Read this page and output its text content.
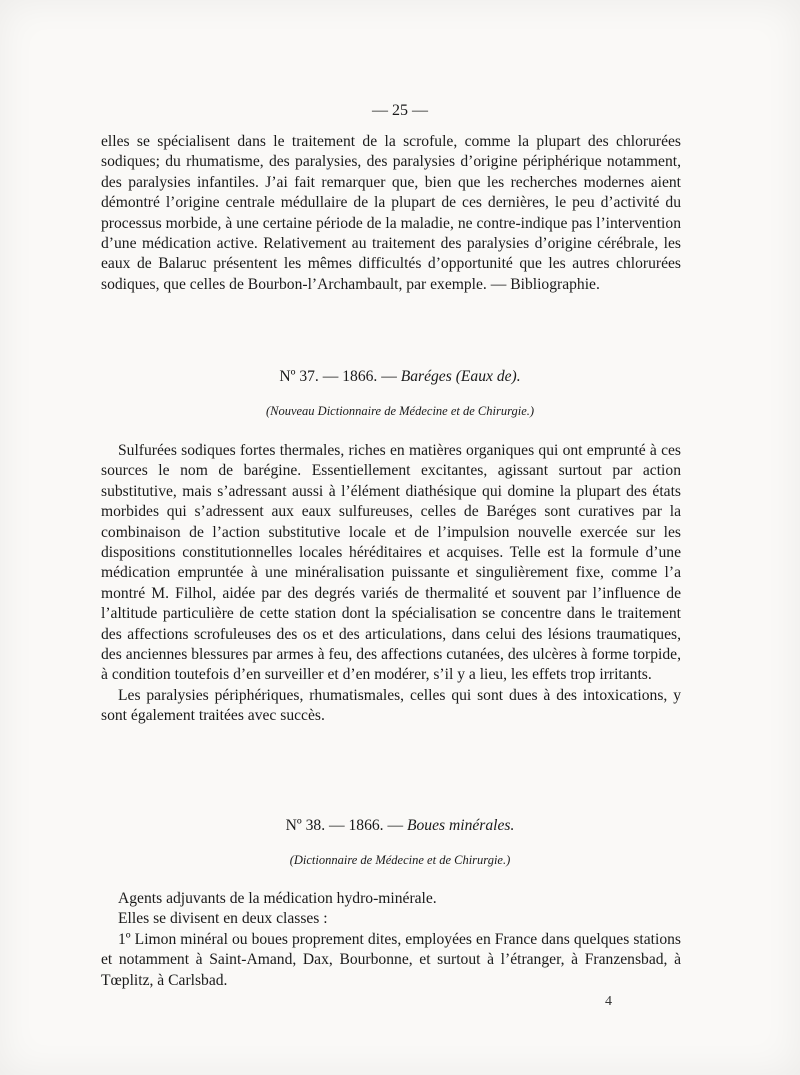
— 25 —

elles se spécialisent dans le traitement de la scrofule, comme la plupart des chlorurées sodiques; du rhumatisme, des paralysies, des paralysies d’origine périphérique notamment, des paralysies infantiles. J’ai fait remarquer que, bien que les recherches modernes aient démontré l’origine centrale médullaire de la plupart de ces dernières, le peu d’activité du processus morbide, à une certaine période de la maladie, ne contre-indique pas l’intervention d’une médication active. Relativement au traitement des paralysies d’origine cérébrale, les eaux de Balaruc présentent les mêmes difficultés d’opportunité que les autres chlorurées sodiques, que celles de Bourbon-l’Archambault, par exemple. — Bibliographie.

Nº 37. — 1866. — Baréges (Eaux de).
(Nouveau Dictionnaire de Médecine et de Chirurgie.)

Sulfurées sodiques fortes thermales, riches en matières organiques qui ont emprunté à ces sources le nom de barégine. Essentiellement excitantes, agissant surtout par action substitutive, mais s’adressant aussi à l’élément diathésique qui domine la plupart des états morbides qui s’adressent aux eaux sulfureuses, celles de Baréges sont curatives par la combinaison de l’action substitutive locale et de l’impulsion nouvelle exercée sur les dispositions constitutionnelles locales héréditaires et acquises. Telle est la formule d’une médication empruntée à une minéralisation puissante et singulièrement fixe, comme l’a montré M. Filhol, aidée par des degrés variés de thermalité et souvent par l’influence de l’altitude particulière de cette station dont la spécialisation se concentre dans le traitement des affections scrofuleuses des os et des articulations, dans celui des lésions traumatiques, des anciennes blessures par armes à feu, des affections cutanées, des ulcères à forme torpide, à condition toutefois d’en surveiller et d’en modérer, s’il y a lieu, les effets trop irritants.

Les paralysies périphériques, rhumatismales, celles qui sont dues à des intoxications, y sont également traitées avec succès.

Nº 38. — 1866. — Boues minérales.
(Dictionnaire de Médecine et de Chirurgie.)

Agents adjuvants de la médication hydro-minérale.

Elles se divisent en deux classes :

1º Limon minéral ou boues proprement dites, employées en France dans quelques stations et notamment à Saint-Amand, Dax, Bourbonne, et surtout à l’étranger, à Franzensbad, à Tœplitz, à Carlsbad.

4
